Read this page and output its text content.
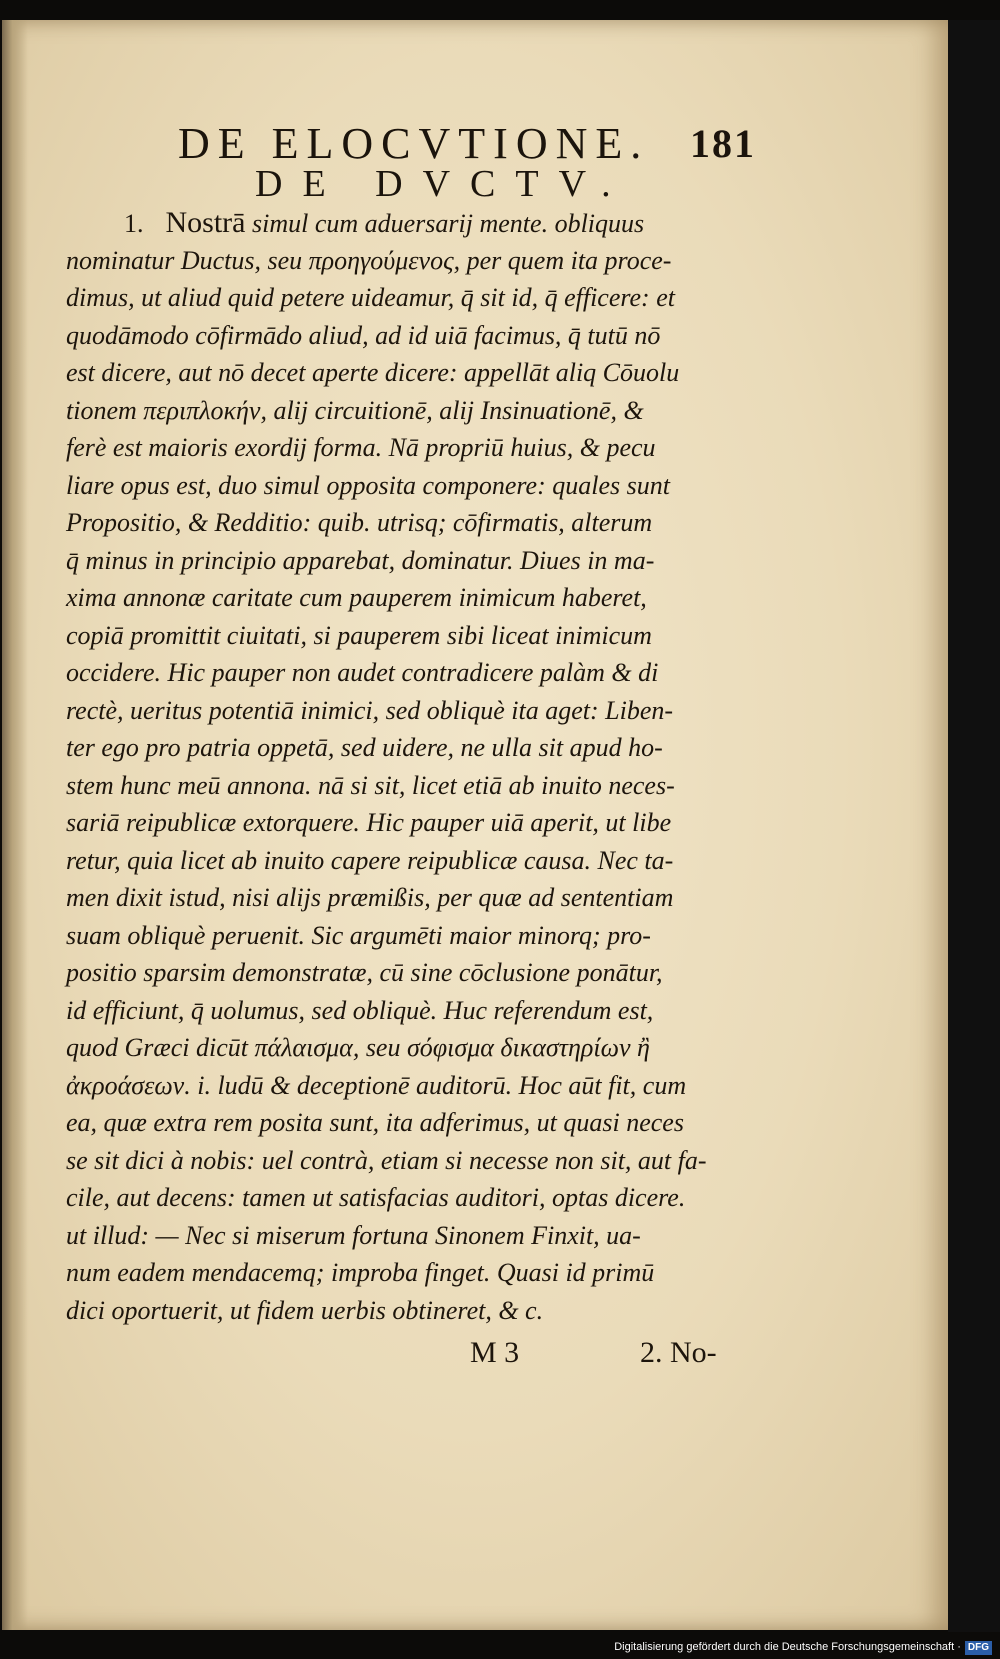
DE ELOCVTIONE. 181
DE DVCTV.
1. Nostrā simul cum aduersarij mente. obliquus
nominatur Ductus, seu προηγούμενος, per quem ita proce-
dimus, ut aliud quid petere uideamur, q̄ sit id, q̄ efficere: et
quodāmodo cōfirmādo aliud, ad id uiā facimus, q̄ tutū nō
est dicere, aut nō decet aperte dicere: appellāt aliq Cōuolu
tionem περιπλοκήν, alij circuitionē, alij Insinuationē, &
ferè est maioris exordij forma. Nā propriū huius, & pecu
liare opus est, duo simul opposita componere: quales sunt
Propositio, & Redditio: quib. utrisq; cōfirmatis, alterum
q̄ minus in principio apparebat, dominatur. Diues in ma-
xima annonæ caritate cum pauperem inimicum haberet,
copiā promittit ciuitati, si pauperem sibi liceat inimicum
occidere. Hic pauper non audet contradicere palàm & di
rectè, ueritus potentiā inimici, sed obliquè ita aget: Liben-
ter ego pro patria oppetā, sed uidere, ne ulla sit apud ho-
stem hunc meū annona. nā si sit, licet etiā ab inuito neces-
sariā reipublicæ extorquere. Hic pauper uiā aperit, ut libe
retur, quia licet ab inuito capere reipublicæ causa. Nec ta-
men dixit istud, nisi alijs præmißis, per quæ ad sententiam
suam obliquè peruenit. Sic argumēti maior minorq; pro-
positio sparsim demonstratæ, cū sine cōclusione ponātur,
id efficiunt, q̄ uolumus, sed obliquè. Huc referendum est,
quod Græci dicūt πάλαισμα, seu σόφισμα δικαστηρίων ἢ
ἀκροάσεων. i. ludū & deceptionē auditorū. Hoc aūt fit, cum
ea, quæ extra rem posita sunt, ita adferimus, ut quasi neces
se sit dici à nobis: uel contrà, etiam si necesse non sit, aut fa-
cile, aut decens: tamen ut satisfacias auditori, optas dicere.
ut illud: — Nec si miserum fortuna Sinonem Finxit, ua-
num eadem mendacemq; improba finget. Quasi id primū
dici oportuerit, ut fidem uerbis obtineret, & c.
M 3	2. No-
Digitalisierung gefördert durch die Deutsche Forschungsgemeinschaft · DFG
